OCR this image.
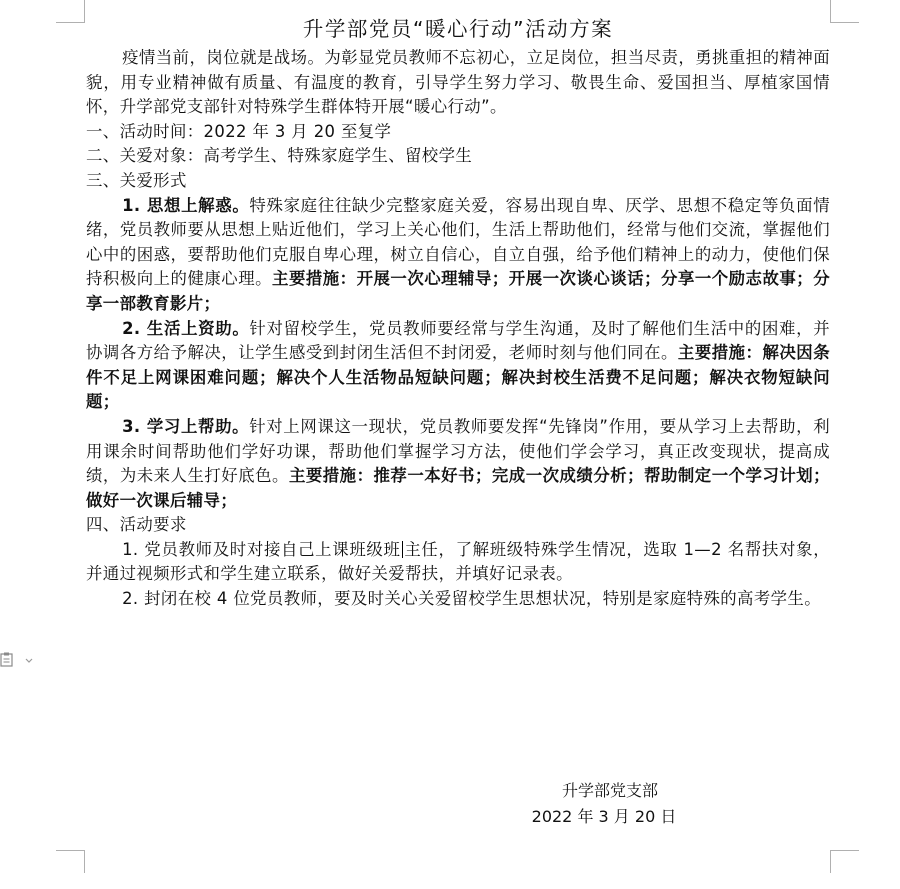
升学部党员“暖心行动”活动方案

疫情当前，岗位就是战场。为彰显党员教师不忘初心，立足岗位，担当尽责，勇挑重担的精神面貌，用专业精神做有质量、有温度的教育，引导学生努力学习、敬畏生命、爱国担当、厚植家国情怀，升学部党支部针对特殊学生群体特开展“暖心行动”。

一、活动时间：2022 年 3 月 20 至复学

二、关爱对象：高考学生、特殊家庭学生、留校学生

三、关爱形式

1. 思想上解惑。特殊家庭往往缺少完整家庭关爱，容易出现自卑、厌学、思想不稳定等负面情绪，党员教师要从思想上贴近他们，学习上关心他们，生活上帮助他们，经常与他们交流，掌握他们心中的困惑，要帮助他们克服自卑心理，树立自信心，自立自强，给予他们精神上的动力，使他们保持积极向上的健康心理。主要措施：开展一次心理辅导；开展一次谈心谈话；分享一个励志故事；分享一部教育影片；

2. 生活上资助。针对留校学生，党员教师要经常与学生沟通，及时了解他们生活中的困难，并协调各方给予解决，让学生感受到封闭生活但不封闭爱，老师时刻与他们同在。主要措施：解决因条件不足上网课困难问题；解决个人生活物品短缺问题；解决封校生活费不足问题；解决衣物短缺问题；

3. 学习上帮助。针对上网课这一现状，党员教师要发挥“先锋岗”作用，要从学习上去帮助，利用课余时间帮助他们学好功课，帮助他们掌握学习方法，使他们学会学习，真正改变现状，提高成绩，为未来人生打好底色。主要措施：推荐一本好书；完成一次成绩分析；帮助制定一个学习计划；做好一次课后辅导；

四、活动要求

1. 党员教师及时对接自己上课班级班 主任，了解班级特殊学生情况，选取 1—2 名帮扶对象，并通过视频形式和学生建立联系，做好关爱帮扶，并填好记录表。

2. 封闭在校 4 位党员教师，要及时关心关爱留校学生思想状况，特别是家庭特殊的高考学生。

升学部党支部
2022 年 3 月 20 日
